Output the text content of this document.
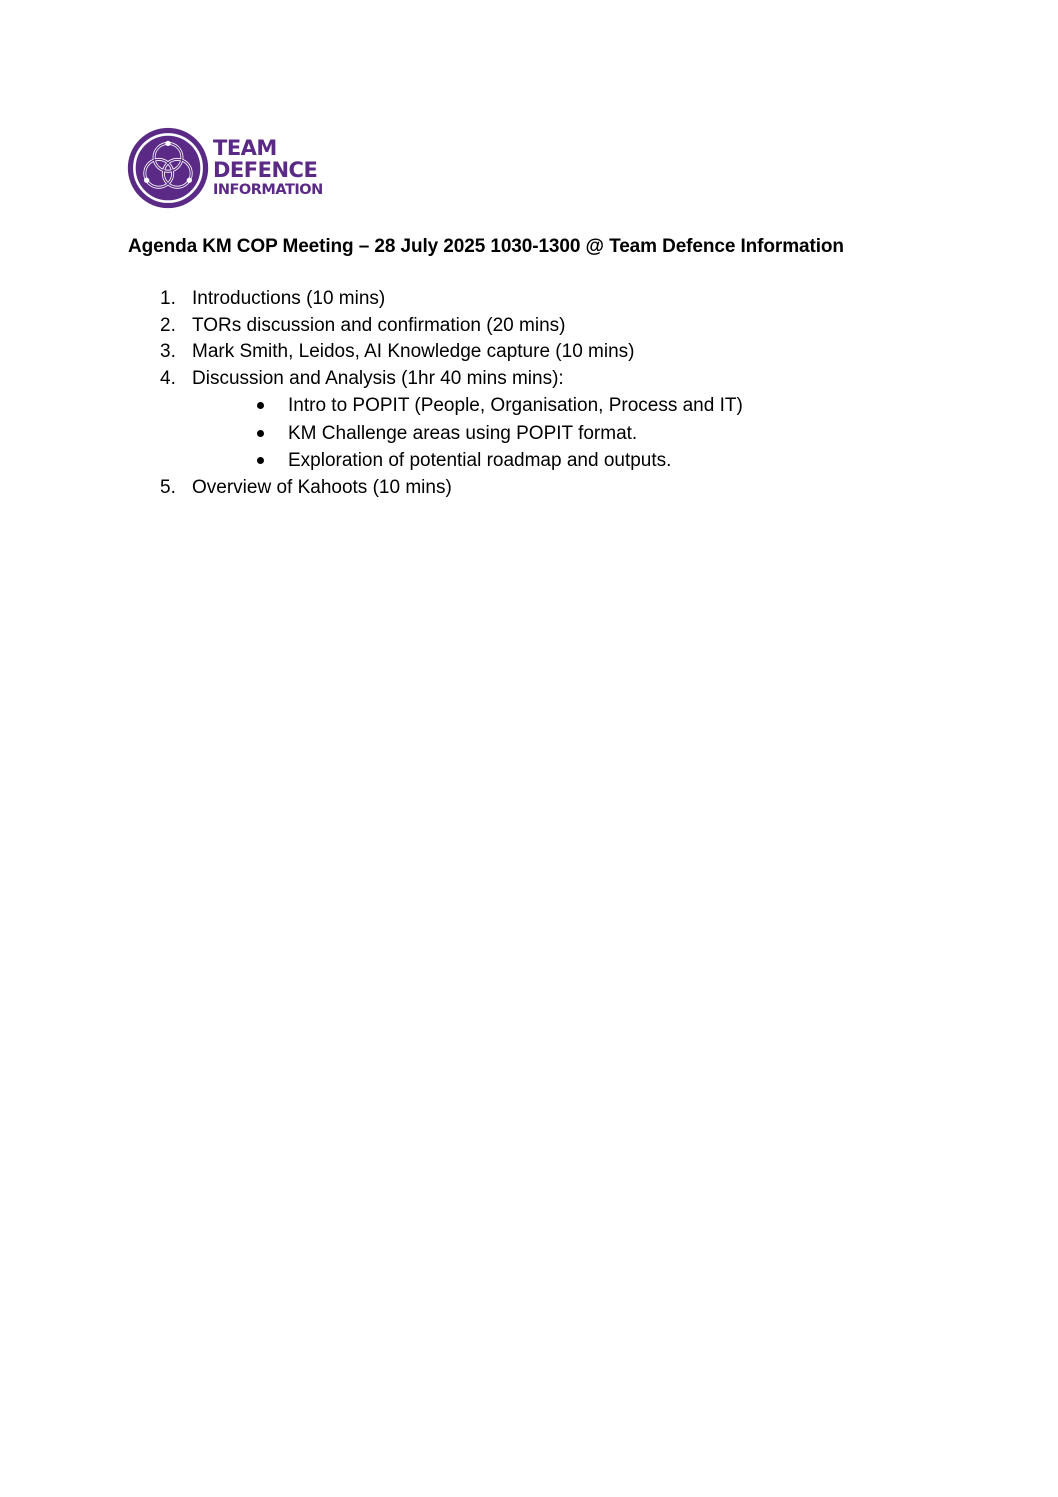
TEAM
DEFENCE
INFORMATION
Agenda KM COP Meeting – 28 July 2025 1030-1300 @ Team Defence Information
1. Introductions (10 mins)
2. TORs discussion and confirmation (20 mins)
3. Mark Smith, Leidos, AI Knowledge capture (10 mins)
4. Discussion and Analysis (1hr 40 mins mins):
Intro to POPIT (People, Organisation, Process and IT)
KM Challenge areas using POPIT format.
Exploration of potential roadmap and outputs.
5. Overview of Kahoots (10 mins)
